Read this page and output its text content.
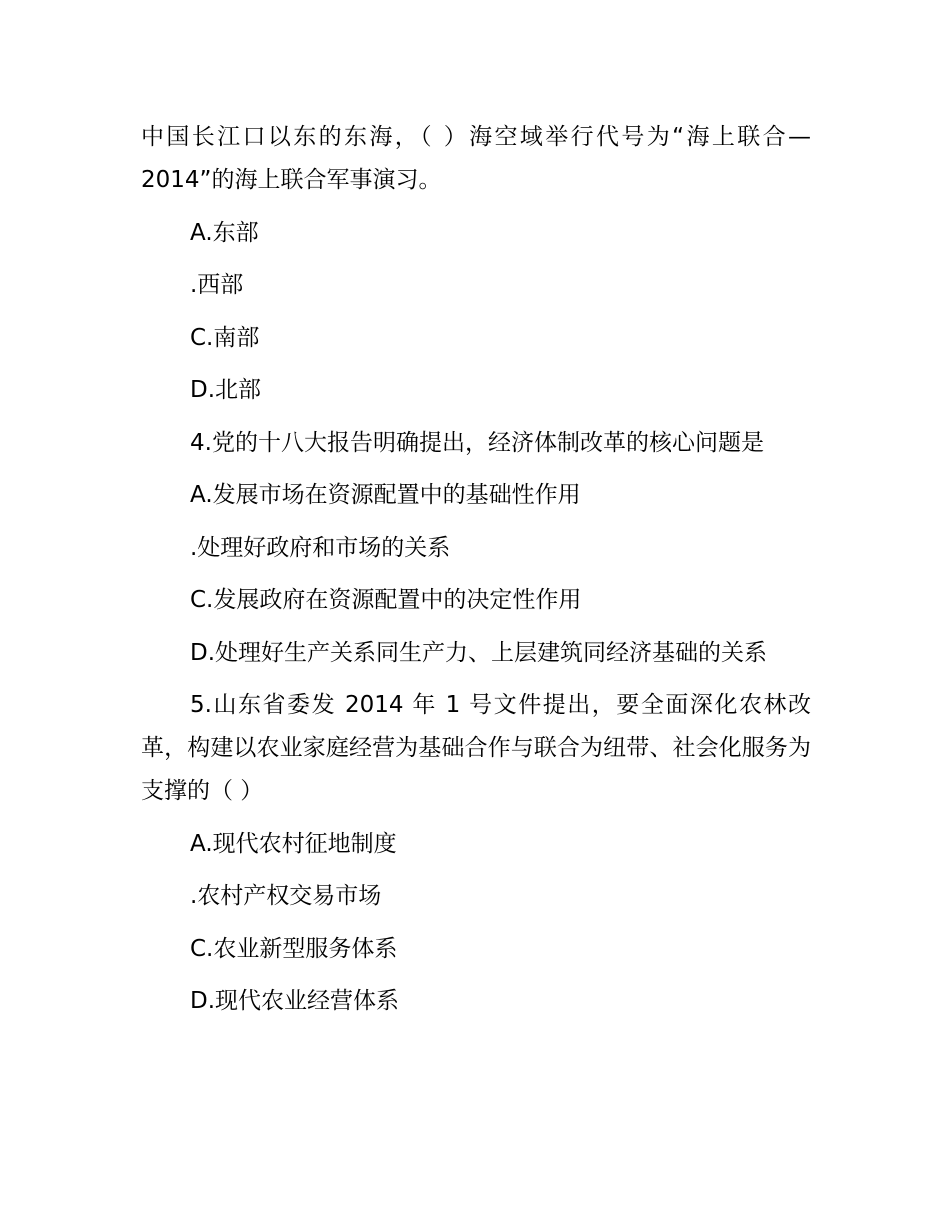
中国长江口以东的东海，（ ）海空域举行代号为“海上联合—2014”的海上联合军事演习。

A.东部

.西部

C.南部

D.北部

4.党的十八大报告明确提出，经济体制改革的核心问题是

A.发展市场在资源配置中的基础性作用

.处理好政府和市场的关系

C.发展政府在资源配置中的决定性作用

D.处理好生产关系同生产力、上层建筑同经济基础的关系

5.山东省委发 2014 年 1 号文件提出，要全面深化农林改革，构建以农业家庭经营为基础合作与联合为纽带、社会化服务为支撑的（ ）

A.现代农村征地制度

.农村产权交易市场

C.农业新型服务体系

D.现代农业经营体系
